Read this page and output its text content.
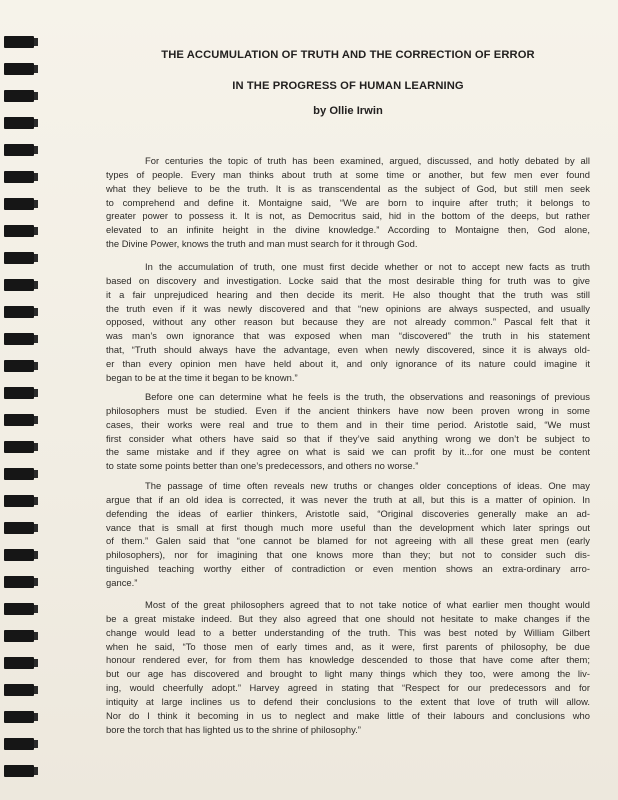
THE ACCUMULATION OF TRUTH AND THE CORRECTION OF ERROR
IN THE PROGRESS OF HUMAN LEARNING
by Ollie Irwin
For centuries the topic of truth has been examined, argued, discussed, and hotly debated by all
types of people. Every man thinks about truth at some time or another, but few men ever found
what they believe to be the truth. It is as transcendental as the subject of God, but still men seek
to comprehend and define it. Montaigne said, “We are born to inquire after truth; it belongs to
greater power to possess it. It is not, as Democritus said, hid in the bottom of the deeps, but rather
elevated to an infinite height in the divine knowledge.” According to Montaigne then, God alone,
the Divine Power, knows the truth and man must search for it through God.
In the accumulation of truth, one must first decide whether or not to accept new facts as truth
based on discovery and investigation. Locke said that the most desirable thing for truth was to give
it a fair unprejudiced hearing and then decide its merit. He also thought that the truth was still
the truth even if it was newly discovered and that “new opinions are always suspected, and usually
opposed, without any other reason but because they are not already common.” Pascal felt that it
was man’s own ignorance that was exposed when man “discovered” the truth in his statement
that, “Truth should always have the advantage, even when newly discovered, since it is always old-
er than every opinion men have held about it, and only ignorance of its nature could imagine it
began to be at the time it began to be known.”
Before one can determine what he feels is the truth, the observations and reasonings of previous
philosophers must be studied. Even if the ancient thinkers have now been proven wrong in some
cases, their works were real and true to them and in their time period. Aristotle said, “We must
first consider what others have said so that if they’ve said anything wrong we don’t be subject to
the same mistake and if they agree on what is said we can profit by it...for one must be content
to state some points better than one’s predecessors, and others no worse.”
The passage of time often reveals new truths or changes older conceptions of ideas. One may
argue that if an old idea is corrected, it was never the truth at all, but this is a matter of opinion. In
defending the ideas of earlier thinkers, Aristotle said, “Original discoveries generally make an ad-
vance that is small at first though much more useful than the development which later springs out
of them.” Galen said that “one cannot be blamed for not agreeing with all these great men (early
philosophers), nor for imagining that one knows more than they; but not to consider such dis-
tinguished teaching worthy either of contradiction or even mention shows an extra-ordinary arro-
gance.”
Most of the great philosophers agreed that to not take notice of what earlier men thought would
be a great mistake indeed. But they also agreed that one should not hesitate to make changes if the
change would lead to a better understanding of the truth. This was best noted by William Gilbert
when he said, “To those men of early times and, as it were, first parents of philosophy, be due
honour rendered ever, for from them has knowledge descended to those that have come after them;
but our age has discovered and brought to light many things which they too, were among the liv-
ing, would cheerfully adopt.” Harvey agreed in stating that “Respect for our predecessors and for
intiquity at large inclines us to defend their conclusions to the extent that love of truth will allow.
Nor do I think it becoming in us to neglect and make little of their labours and conclusions who
bore the torch that has lighted us to the shrine of philosophy.”
